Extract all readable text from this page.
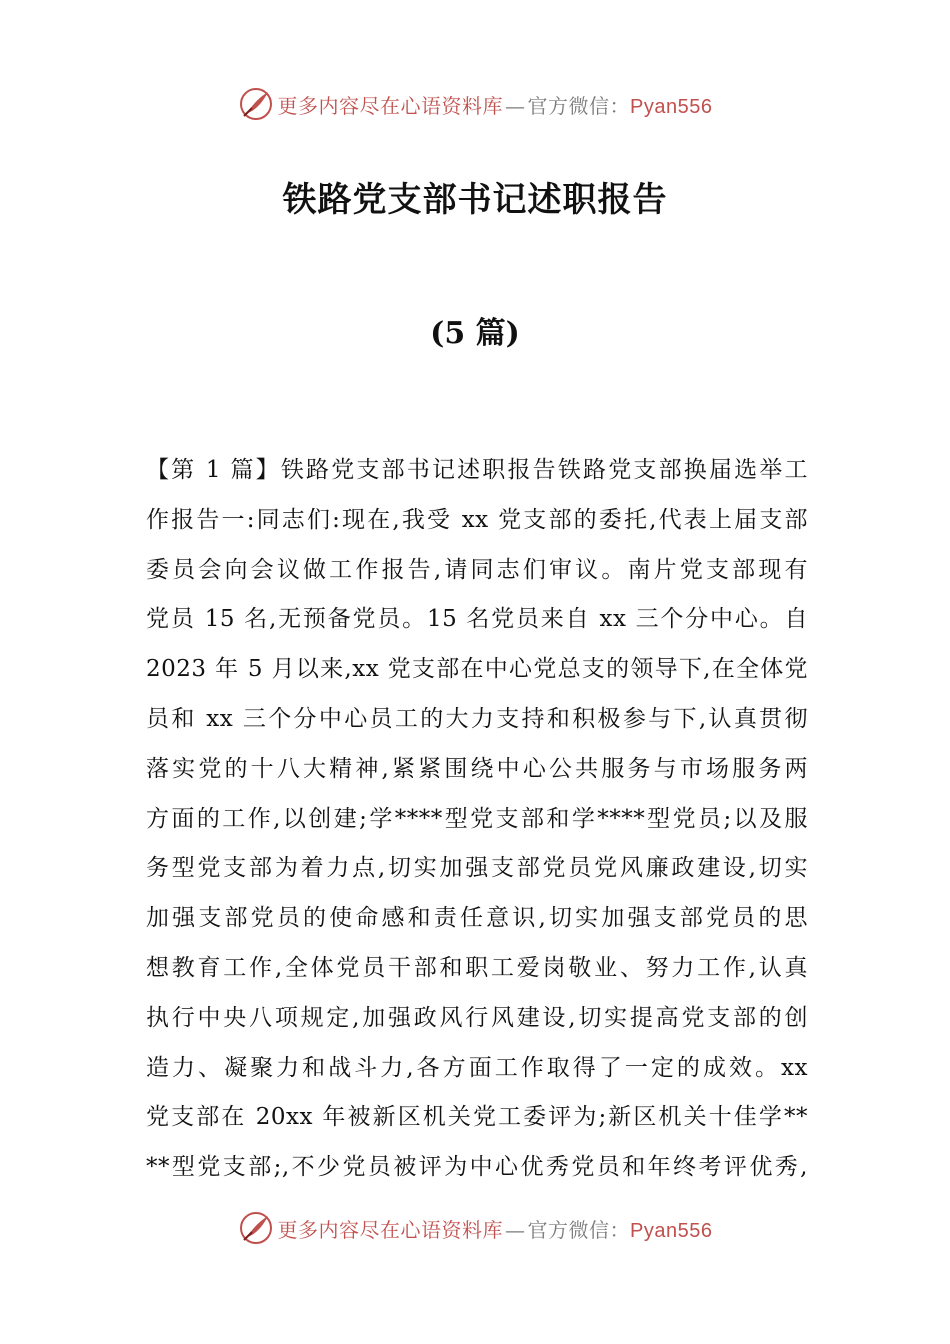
更多内容尽在心语资料库 — 官方微信：Pyan556
铁路党支部书记述职报告
(5 篇)
【第 1 篇】铁路党支部书记述职报告铁路党支部换届选举工
作报告一:同志们:现在,我受 xx 党支部的委托,代表上届支部
委员会向会议做工作报告,请同志们审议。南片党支部现有
党员 15 名,无预备党员。15 名党员来自 xx 三个分中心。自
2023 年 5 月以来,xx 党支部在中心党总支的领导下,在全体党
员和 xx 三个分中心员工的大力支持和积极参与下,认真贯彻
落实党的十八大精神,紧紧围绕中心公共服务与市场服务两
方面的工作,以创建;学****型党支部和学****型党员;以及服
务型党支部为着力点,切实加强支部党员党风廉政建设,切实
加强支部党员的使命感和责任意识,切实加强支部党员的思
想教育工作,全体党员干部和职工爱岗敬业、努力工作,认真
执行中央八项规定,加强政风行风建设,切实提高党支部的创
造力、凝聚力和战斗力,各方面工作取得了一定的成效。xx
党支部在 20xx 年被新区机关党工委评为;新区机关十佳学**
**型党支部;,不少党员被评为中心优秀党员和年终考评优秀,
更多内容尽在心语资料库 — 官方微信：Pyan556
